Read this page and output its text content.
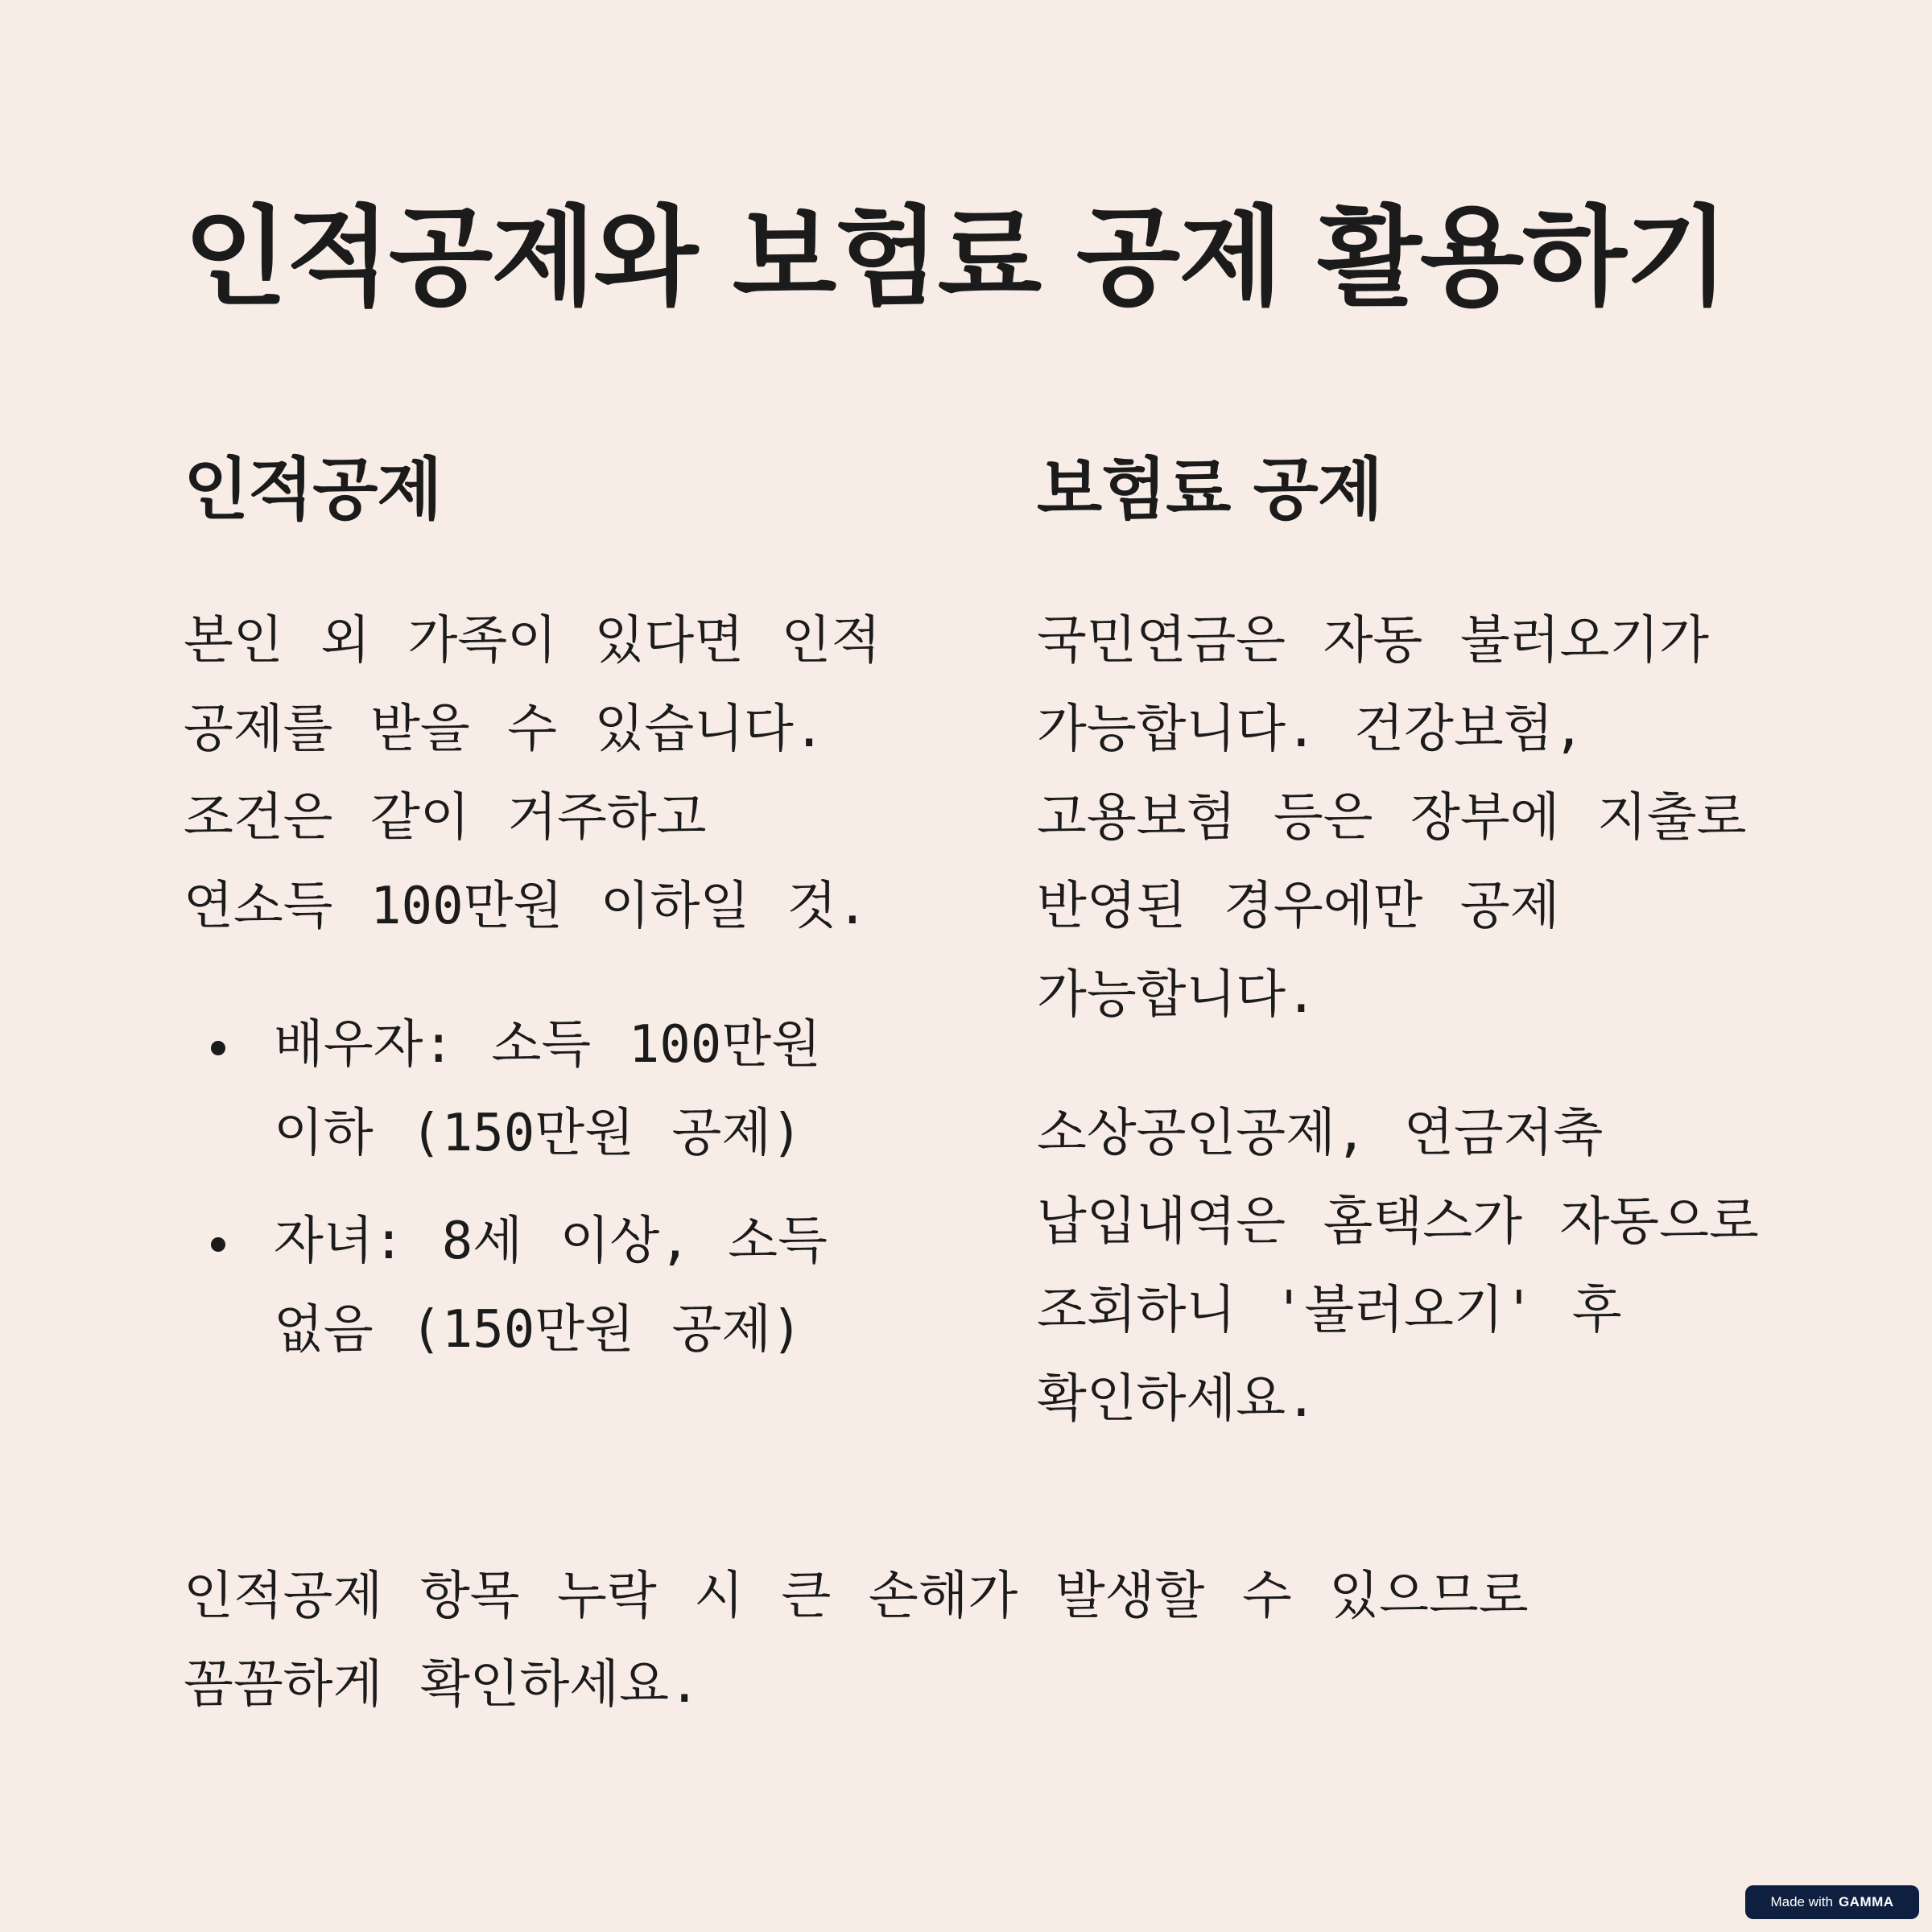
인적공제와 보험료 공제 활용하기
인적공제

본인 외 가족이 있다면 인적 공제를 받을 수 있습니다. 조건은 같이 거주하고 연소득 100만원 이하일 것.

배우자: 소득 100만원 이하 (150만원 공제)

자녀: 8세 이상, 소득 없음 (150만원 공제)

보험료 공제

국민연금은 자동 불러오기가 가능합니다. 건강보험, 고용보험 등은 장부에 지출로 반영된 경우에만 공제 가능합니다.

소상공인공제, 연금저축 납입내역은 홈택스가 자동으로 조회하니 '불러오기' 후 확인하세요.

인적공제 항목 누락 시 큰 손해가 발생할 수 있으므로 꼼꼼하게 확인하세요.

Made with GAMMA
